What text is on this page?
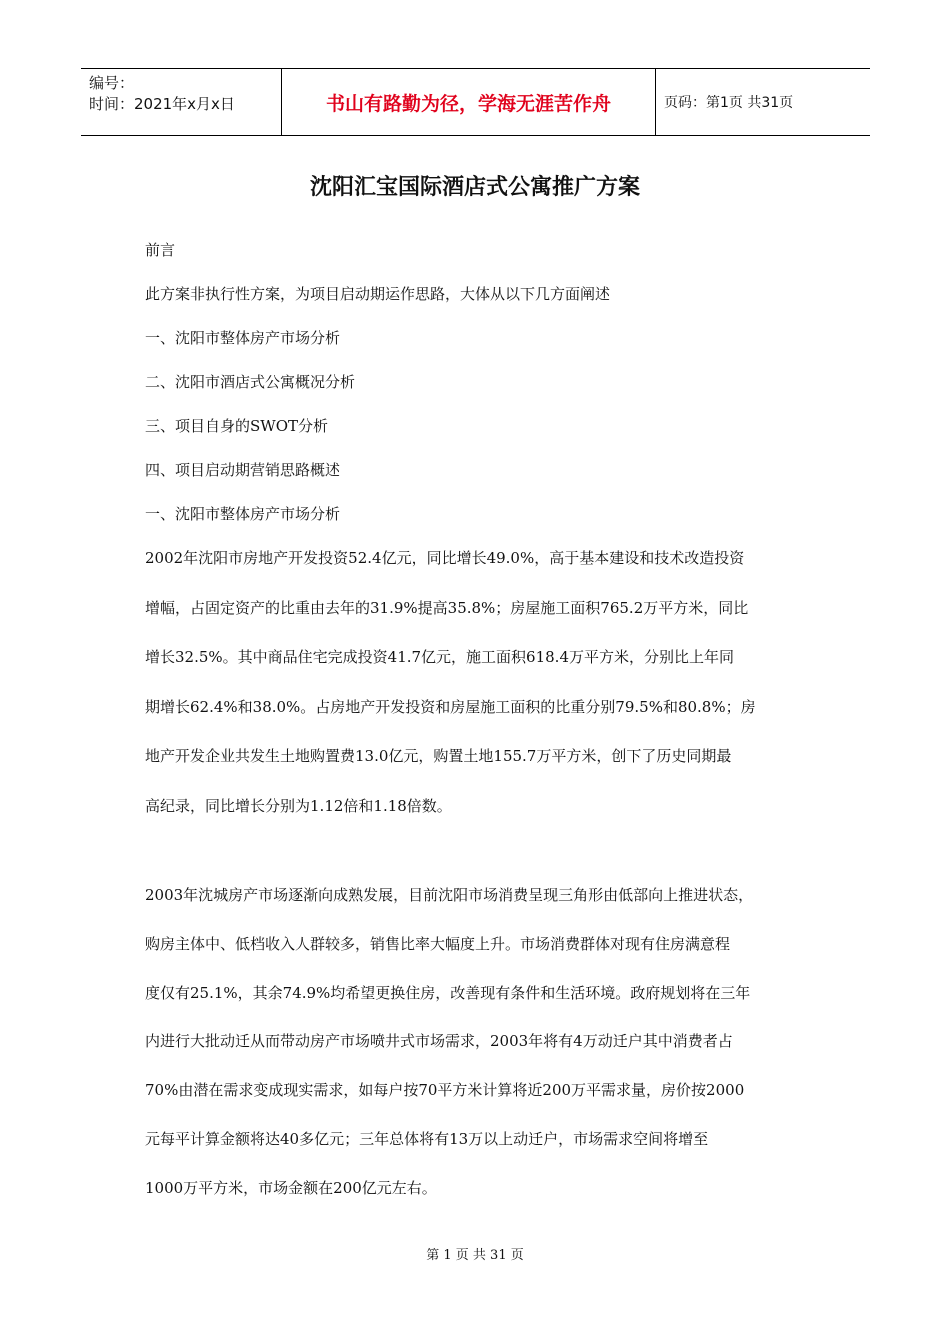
编号：
时间：2021年x月x日	书山有路勤为径，学海无涯苦作舟	页码：第1页 共31页
沈阳汇宝国际酒店式公寓推广方案
前言
此方案非执行性方案，为项目启动期运作思路，大体从以下几方面阐述
一、沈阳市整体房产市场分析
二、沈阳市酒店式公寓概况分析
三、项目自身的SWOT分析
四、项目启动期营销思路概述
一、沈阳市整体房产市场分析
2002年沈阳市房地产开发投资52.4亿元，同比增长49.0%，高于基本建设和技术改造投资
增幅，占固定资产的比重由去年的31.9%提高35.8%；房屋施工面积765.2万平方米，同比
增长32.5%。其中商品住宅完成投资41.7亿元，施工面积618.4万平方米，分别比上年同
期增长62.4%和38.0%。占房地产开发投资和房屋施工面积的比重分别79.5%和80.8%；房
地产开发企业共发生土地购置费13.0亿元，购置土地155.7万平方米，创下了历史同期最
高纪录，同比增长分别为1.12倍和1.18倍数。
2003年沈城房产市场逐渐向成熟发展，目前沈阳市场消费呈现三角形由低部向上推进状态，
购房主体中、低档收入人群较多，销售比率大幅度上升。市场消费群体对现有住房满意程
度仅有25.1%，其余74.9%均希望更换住房，改善现有条件和生活环境。政府规划将在三年
内进行大批动迁从而带动房产市场喷井式市场需求，2003年将有4万动迁户其中消费者占
70%由潜在需求变成现实需求，如每户按70平方米计算将近200万平需求量，房价按2000
元每平计算金额将达40多亿元；三年总体将有13万以上动迁户，市场需求空间将增至
1000万平方米，市场金额在200亿元左右。
第 1 页 共 31 页
